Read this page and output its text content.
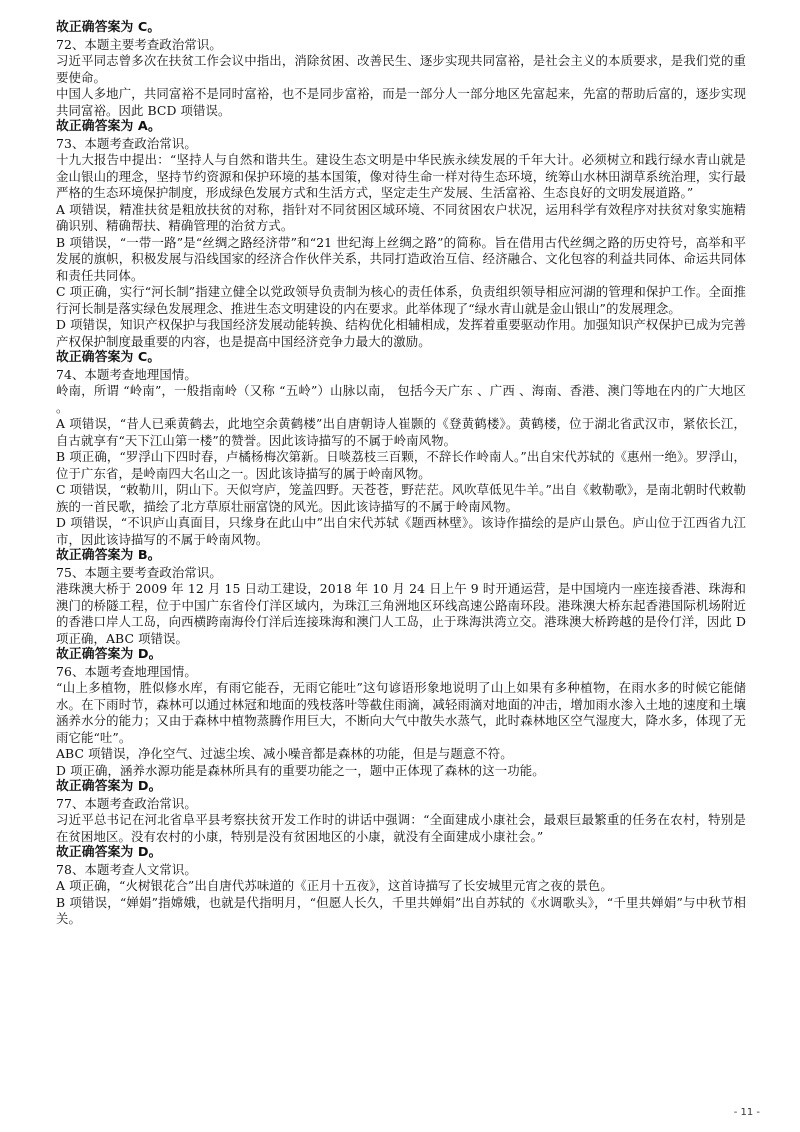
故正确答案为 C。

72、本题主要考查政治常识。

习近平同志曾多次在扶贫工作会议中指出，消除贫困、改善民生、逐步实现共同富裕，是社会主义的本质要求，是我们党的重要使命。

中国人多地广，共同富裕不是同时富裕，也不是同步富裕，而是一部分人一部分地区先富起来，先富的帮助后富的，逐步实现共同富裕。因此 BCD 项错误。

故正确答案为 A。

73、本题考查政治常识。

十九大报告中提出：“坚持人与自然和谐共生。建设生态文明是中华民族永续发展的千年大计。必须树立和践行绿水青山就是金山银山的理念，坚持节约资源和保护环境的基本国策，像对待生命一样对待生态环境，统筹山水林田湖草系统治理，实行最严格的生态环境保护制度，形成绿色发展方式和生活方式，坚定走生产发展、生活富裕、生态良好的文明发展道路。”

A 项错误，精准扶贫是粗放扶贫的对称，指针对不同贫困区域环境、不同贫困农户状况，运用科学有效程序对扶贫对象实施精确识别、精确帮扶、精确管理的治贫方式。

B 项错误，“一带一路”是“丝绸之路经济带”和“21 世纪海上丝绸之路”的简称。旨在借用古代丝绸之路的历史符号，高举和平发展的旗帜，积极发展与沿线国家的经济合作伙伴关系，共同打造政治互信、经济融合、文化包容的利益共同体、命运共同体和责任共同体。

C 项正确，实行“河长制”指建立健全以党政领导负责制为核心的责任体系，负责组织领导相应河湖的管理和保护工作。全面推行河长制是落实绿色发展理念、推进生态文明建设的内在要求。此举体现了“绿水青山就是金山银山”的发展理念。

D 项错误，知识产权保护与我国经济发展动能转换、结构优化相辅相成，发挥着重要驱动作用。加强知识产权保护已成为完善产权保护制度最重要的内容，也是提高中国经济竞争力最大的激励。

故正确答案为 C。

74、本题考查地理国情。

岭南，所谓 “岭南”，一般指南岭（又称 “五岭”）山脉以南， 包括今天广东 、广西 、海南、香港、澳门等地在内的广大地区 。

A 项错误，“昔人已乘黄鹤去，此地空余黄鹤楼”出自唐朝诗人崔颢的《登黄鹤楼》。黄鹤楼，位于湖北省武汉市，紧依长江，自古就享有“天下江山第一楼”的赞誉。因此该诗描写的不属于岭南风物。

B 项正确，“罗浮山下四时春，卢橘杨梅次第新。日啖荔枝三百颗，不辞长作岭南人。”出自宋代苏轼的《惠州一绝》。罗浮山，位于广东省，是岭南四大名山之一。因此该诗描写的属于岭南风物。

C 项错误，“敕勒川，阴山下。天似穹庐，笼盖四野。天苍苍，野茫茫。风吹草低见牛羊。”出自《敕勒歌》，是南北朝时代敕勒族的一首民歌，描绘了北方草原壮丽富饶的风光。因此该诗描写的不属于岭南风物。

D 项错误，“不识庐山真面目，只缘身在此山中”出自宋代苏轼《题西林壁》。该诗作描绘的是庐山景色。庐山位于江西省九江市，因此该诗描写的不属于岭南风物。

故正确答案为 B。

75、本题主要考查政治常识。

港珠澳大桥于 2009 年 12 月 15 日动工建设，2018 年 10 月 24 日上午 9 时开通运营，是中国境内一座连接香港、珠海和澳门的桥隧工程，位于中国广东省伶仃洋区域内，为珠江三角洲地区环线高速公路南环段。港珠澳大桥东起香港国际机场附近的香港口岸人工岛，向西横跨南海伶仃洋后连接珠海和澳门人工岛，止于珠海洪湾立交。港珠澳大桥跨越的是伶仃洋，因此 D 项正确，ABC 项错误。

故正确答案为 D。

76、本题考查地理国情。

“山上多植物，胜似修水库，有雨它能吞，无雨它能吐”这句谚语形象地说明了山上如果有多种植物，在雨水多的时候它能储水。在下雨时节，森林可以通过林冠和地面的残枝落叶等截住雨滴，减轻雨滴对地面的冲击，增加雨水渗入土地的速度和土壤涵养水分的能力；又由于森林中植物蒸腾作用巨大，不断向大气中散失水蒸气，此时森林地区空气湿度大，降水多，体现了无雨它能“吐”。

ABC 项错误，净化空气、过滤尘埃、减小噪音都是森林的功能，但是与题意不符。

D 项正确，涵养水源功能是森林所具有的重要功能之一，题中正体现了森林的这一功能。

故正确答案为 D。

77、本题考查政治常识。

习近平总书记在河北省阜平县考察扶贫开发工作时的讲话中强调：“全面建成小康社会，最艰巨最繁重的任务在农村，特别是在贫困地区。没有农村的小康，特别是没有贫困地区的小康，就没有全面建成小康社会。”

故正确答案为 D。

78、本题考查人文常识。

A 项正确，“火树银花合”出自唐代苏味道的《正月十五夜》，这首诗描写了长安城里元宵之夜的景色。

B 项错误，“婵娟”指嫦娥，也就是代指明月，“但愿人长久，千里共婵娟”出自苏轼的《水调歌头》，“千里共婵娟”与中秋节相关。

- 11 -
